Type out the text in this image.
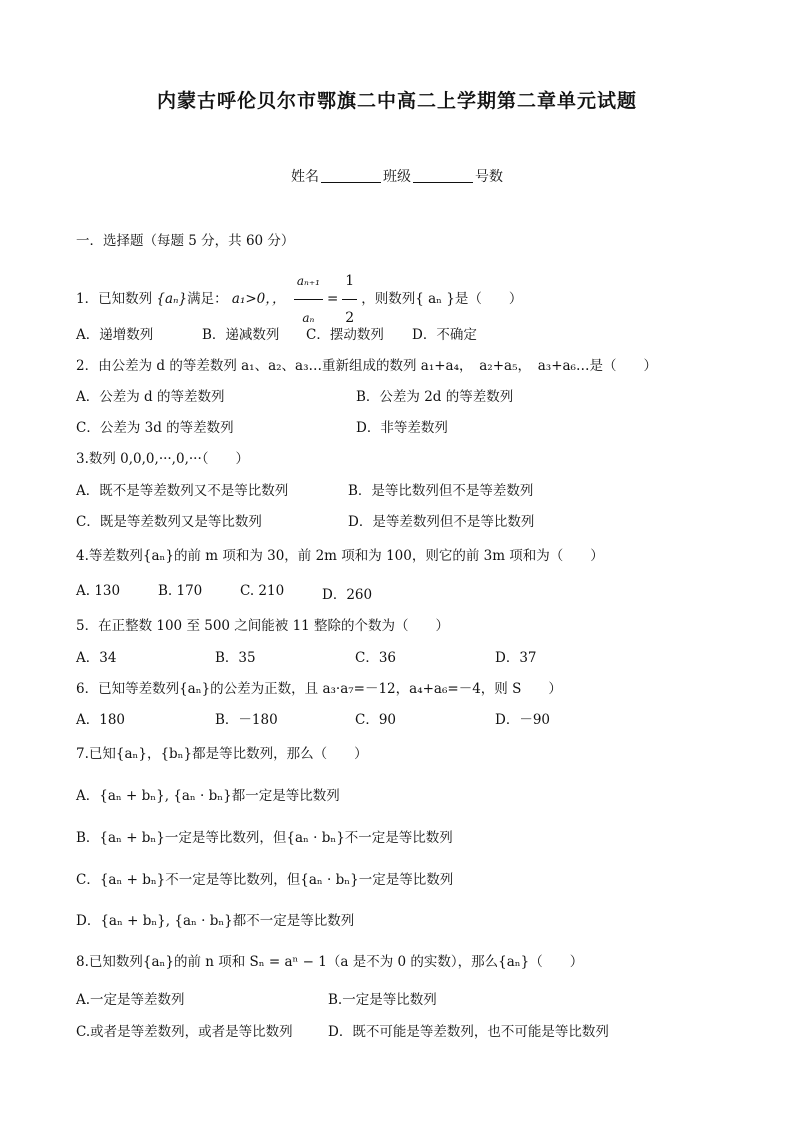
内蒙古呼伦贝尔市鄂旗二中高二上学期第二章单元试题
姓名	班级	号数
一．选择题（每题 5 分，共 60 分）
1．已知数列 {aₙ}满足： a₁>0，， $\frac{\text{aₙ₊₁}}{\text{aₙ}} = \frac{1}{2}$ ，则数列{ aₙ }是（　　）
A．递增数列	B．递减数列 C．摆动数列 D．不确定
2．由公差为 d 的等差数列 a₁、a₂、a₃…重新组成的数列 a₁+a₄，　a₂+a₅，　a₃+a₆…是（　　）
A．公差为 d 的等差数列	B．公差为 2d 的等差数列
C．公差为 3d 的等差数列	D．非等差数列
3.数列 0,0,0,···,0,···（　　）
A．既不是等差数列又不是等比数列	B．是等比数列但不是等差数列
C．既是等差数列又是等比数列	D．是等差数列但不是等比数列
4.等差数列{aₙ}的前 m 项和为 30，前 2m 项和为 100，则它的前 3m 项和为（　　）
A. 130	B. 170	C. 210	D．260
5．在正整数 100 至 500 之间能被 11 整除的个数为（　　）
A．34	B．35	C．36	D．37
6．已知等差数列{aₙ}的公差为正数，且 a₃·a₇=－12，a₄+a₆=－4，则 S　　）
A．180	B．－180	C．90	D．－90
7.已知{aₙ}，{bₙ}都是等比数列，那么（　　）
A．{aₙ + bₙ}, {aₙ · bₙ}都一定是等比数列
B．{aₙ + bₙ}一定是等比数列，但{aₙ · bₙ}不一定是等比数列
C．{aₙ + bₙ}不一定是等比数列，但{aₙ · bₙ}一定是等比数列
D．{aₙ + bₙ}, {aₙ · bₙ}都不一定是等比数列
8.已知数列{aₙ}的前 n 项和 Sₙ = aⁿ − 1（a 是不为 0 的实数），那么{aₙ}（　　）
A.一定是等差数列	B.一定是等比数列
C.或者是等差数列，或者是等比数列	D．既不可能是等差数列，也不可能是等比数列
